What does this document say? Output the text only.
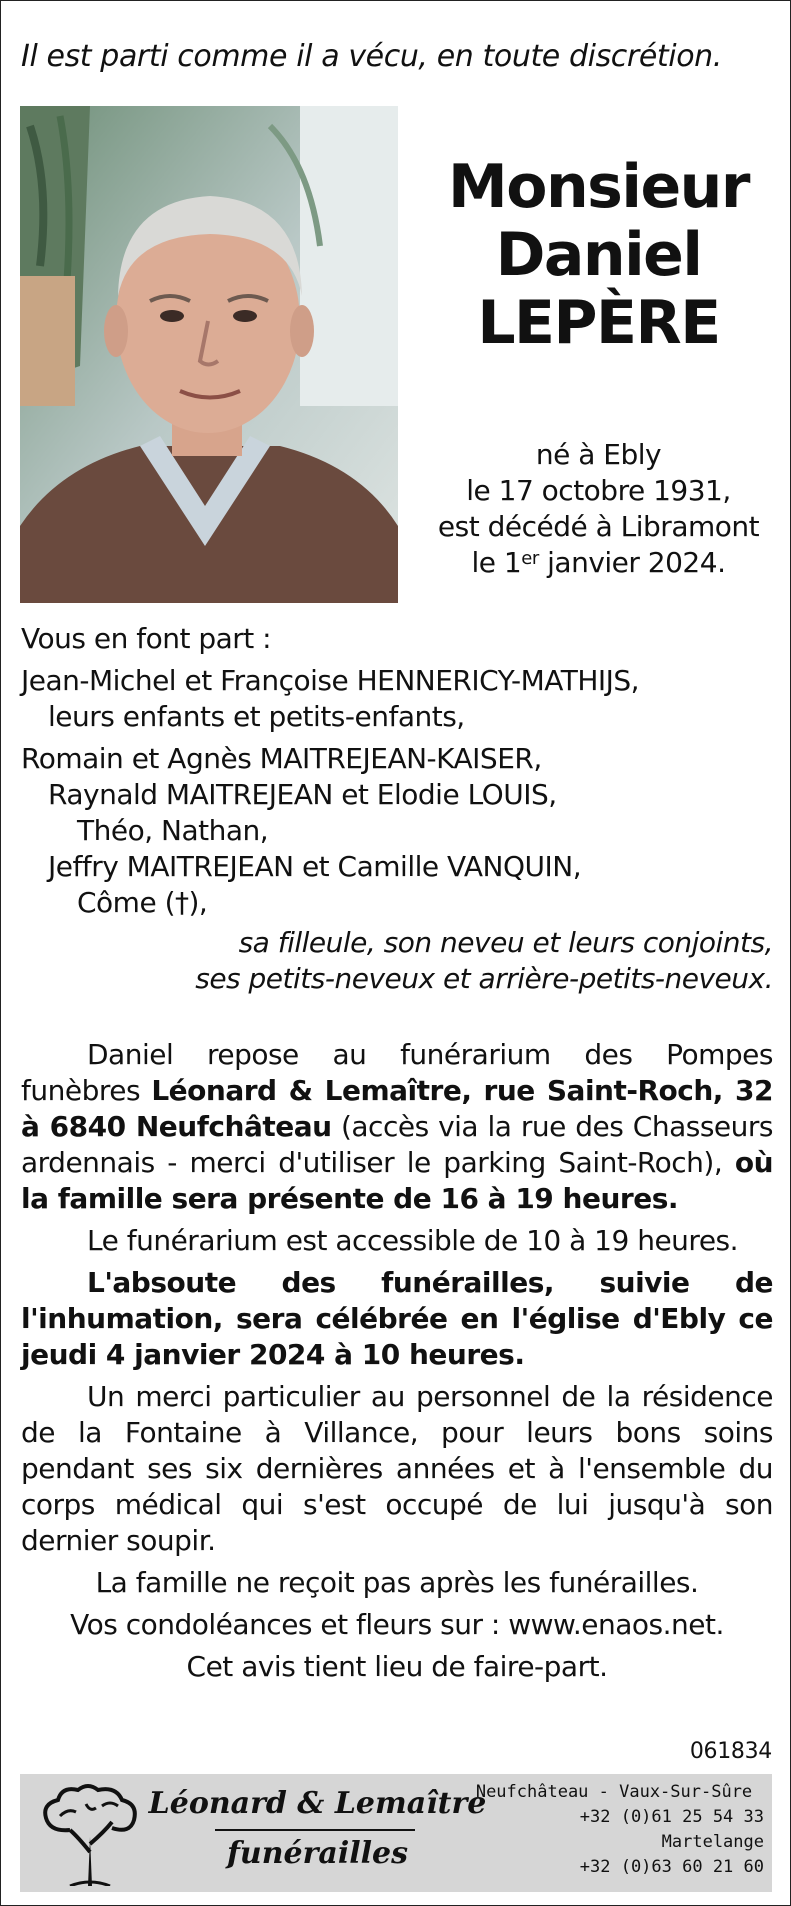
Il est parti comme il a vécu, en toute discrétion.
Monsieur
Daniel
LEPÈRE
né à Ebly
le 17 octobre 1931,
est décédé à Libramont
le 1er janvier 2024.

Vous en font part :

Jean-Michel et Françoise HENNERICY-MATHIJS,

leurs enfants et petits-enfants,

Romain et Agnès MAITREJEAN-KAISER,

Raynald MAITREJEAN et Elodie LOUIS,

Théo, Nathan,

Jeffry MAITREJEAN et Camille VANQUIN,

Côme (†),

sa filleule, son neveu et leurs conjoints,

ses petits-neveux et arrière-petits-neveux.

Daniel repose au funérarium des Pompes funèbres Léonard & Lemaître, rue Saint-Roch, 32 à 6840 Neufchâteau (accès via la rue des Chasseurs ardennais - merci d'utiliser le parking Saint-Roch), où la famille sera présente de 16 à 19 heures.

Le funérarium est accessible de 10 à 19 heures.

L'absoute des funérailles, suivie de l'inhumation, sera célébrée en l'église d'Ebly ce jeudi 4 janvier 2024 à 10 heures.

Un merci particulier au personnel de la résidence de la Fontaine à Villance, pour leurs bons soins pendant ses six dernières années et à l'ensemble du corps médical qui s'est occupé de lui jusqu'à son dernier soupir.

La famille ne reçoit pas après les funérailles.

Vos condoléances et fleurs sur : www.enaos.net.

Cet avis tient lieu de faire-part.

061834
Léonard & Lemaître
funérailles
Neufchâteau - Vaux-Sur-Sûre
+32 (0)61 25 54 33
Martelange
+32 (0)63 60 21 60
